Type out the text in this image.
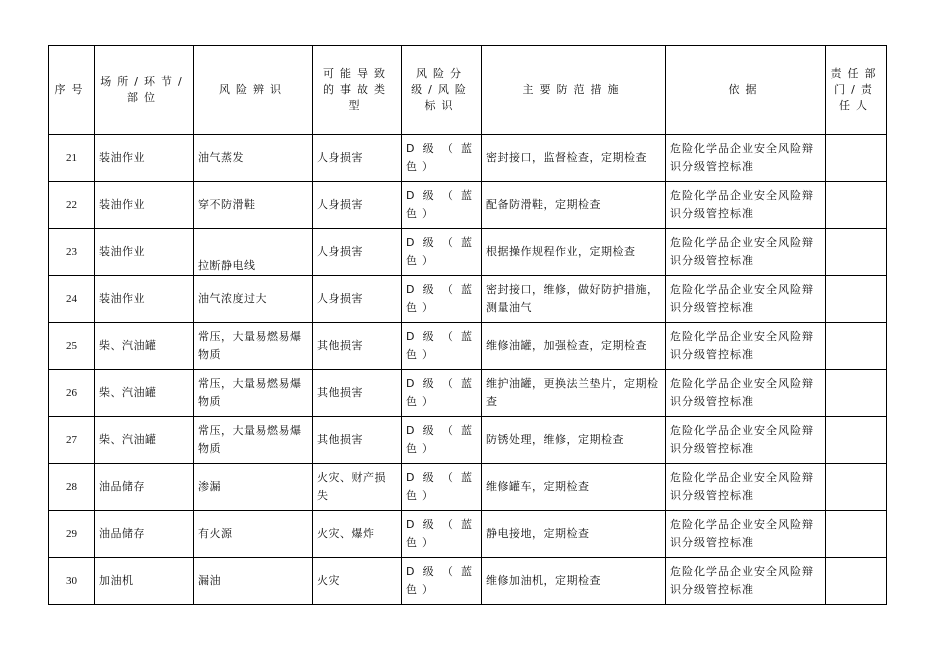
序号	场所/环节/部位	风险辨识	可能导致的事故类型	风险分级/风险标识	主要防范措施	依据	责任部门/责任人
21	装油作业	油气蒸发	人身损害	D级（蓝色）	密封接口，监督检查，定期检查	危险化学品企业安全风险辩识分级管控标准	
22	装油作业	穿不防滑鞋	人身损害	D级（蓝色）	配备防滑鞋，定期检查	危险化学品企业安全风险辩识分级管控标准	
23	装油作业	拉断静电线	人身损害	D级（蓝色）	根据操作规程作业，定期检查	危险化学品企业安全风险辩识分级管控标准	
24	装油作业	油气浓度过大	人身损害	D级（蓝色）	密封接口，维修，做好防护措施，测量油气	危险化学品企业安全风险辩识分级管控标准	
25	柴、汽油罐	常压，大量易燃易爆物质	其他损害	D级（蓝色）	维修油罐，加强检查，定期检查	危险化学品企业安全风险辩识分级管控标准	
26	柴、汽油罐	常压，大量易燃易爆物质	其他损害	D级（蓝色）	维护油罐，更换法兰垫片，定期检查	危险化学品企业安全风险辩识分级管控标准	
27	柴、汽油罐	常压，大量易燃易爆物质	其他损害	D级（蓝色）	防锈处理，维修，定期检查	危险化学品企业安全风险辩识分级管控标准	
28	油品储存	渗漏	火灾、财产损失	D级（蓝色）	维修罐车，定期检查	危险化学品企业安全风险辩识分级管控标准	
29	油品储存	有火源	火灾、爆炸	D级（蓝色）	静电接地，定期检查	危险化学品企业安全风险辩识分级管控标准	
30	加油机	漏油	火灾	D级（蓝色）	维修加油机，定期检查	危险化学品企业安全风险辩识分级管控标准	
